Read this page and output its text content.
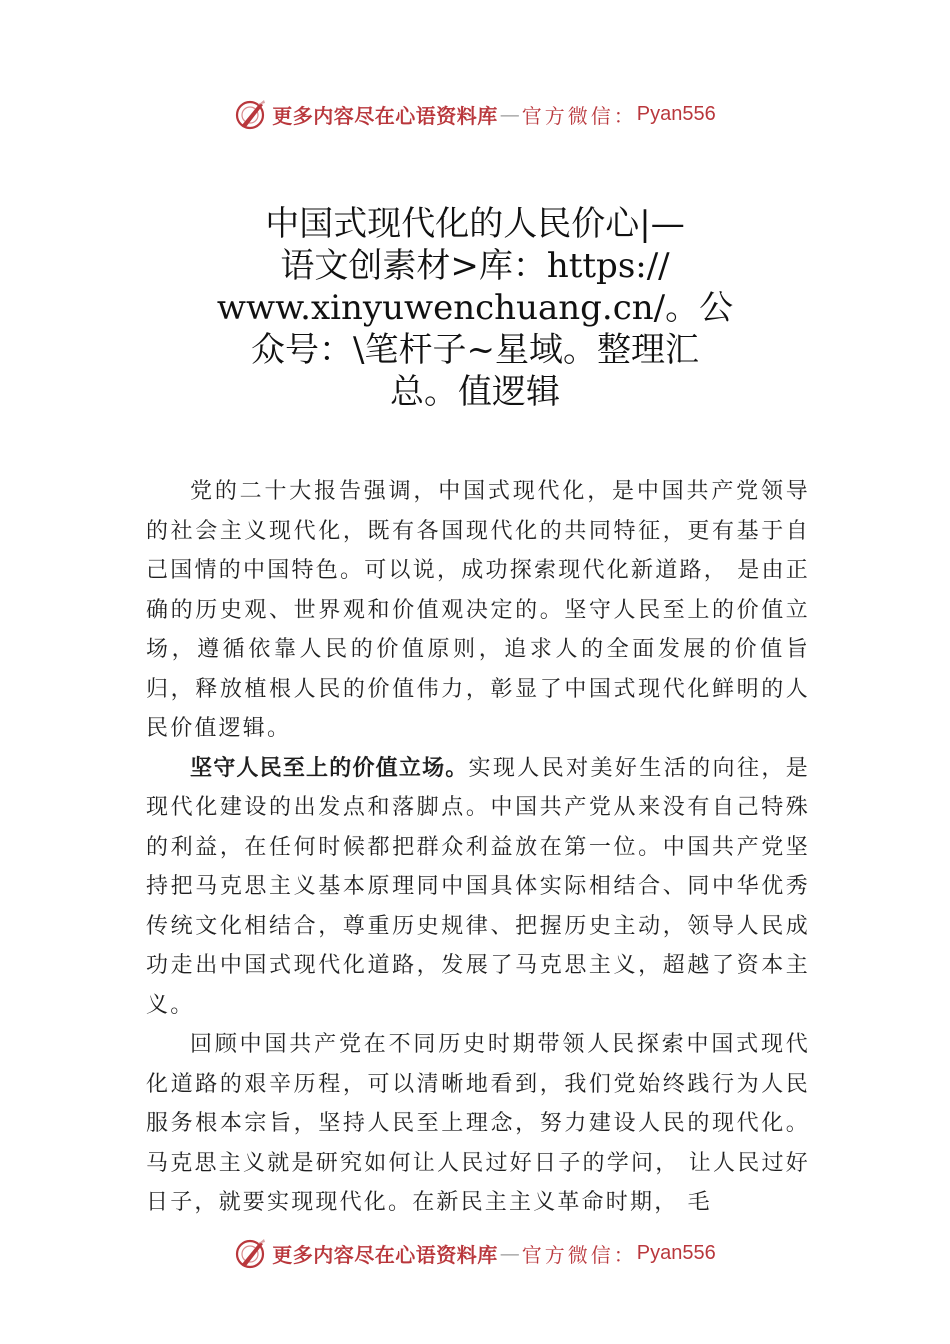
更多内容尽在心语资料库 — 官方微信： Pyan556
中国式现代化的人民价心|—
语文创素材>库：https://
www.xinyuwenchuang.cn/。公
众号：\笔杆子~星域。整理汇
总。值逻辑

党的二十大报告强调，中国式现代化，是中国共产党领导的社会主义现代化，既有各国现代化的共同特征，更有基于自己国情的中国特色。可以说，成功探索现代化新道路， 是由正确的历史观、世界观和价值观决定的。坚守人民至上的价值立场，遵循依靠人民的价值原则，追求人的全面发展的价值旨归，释放植根人民的价值伟力，彰显了中国式现代化鲜明的人民价值逻辑。

坚守人民至上的价值立场。实现人民对美好生活的向往，是现代化建设的出发点和落脚点。中国共产党从来没有自己特殊的利益，在任何时候都把群众利益放在第一位。中国共产党坚持把马克思主义基本原理同中国具体实际相结合、同中华优秀传统文化相结合，尊重历史规律、把握历史主动，领导人民成功走出中国式现代化道路，发展了马克思主义，超越了资本主义。

回顾中国共产党在不同历史时期带领人民探索中国式现代化道路的艰辛历程，可以清晰地看到，我们党始终践行为人民服务根本宗旨，坚持人民至上理念，努力建设人民的现代化。马克思主义就是研究如何让人民过好日子的学问， 让人民过好日子，就要实现现代化。在新民主主义革命时期， 毛

更多内容尽在心语资料库 — 官方微信： Pyan556
